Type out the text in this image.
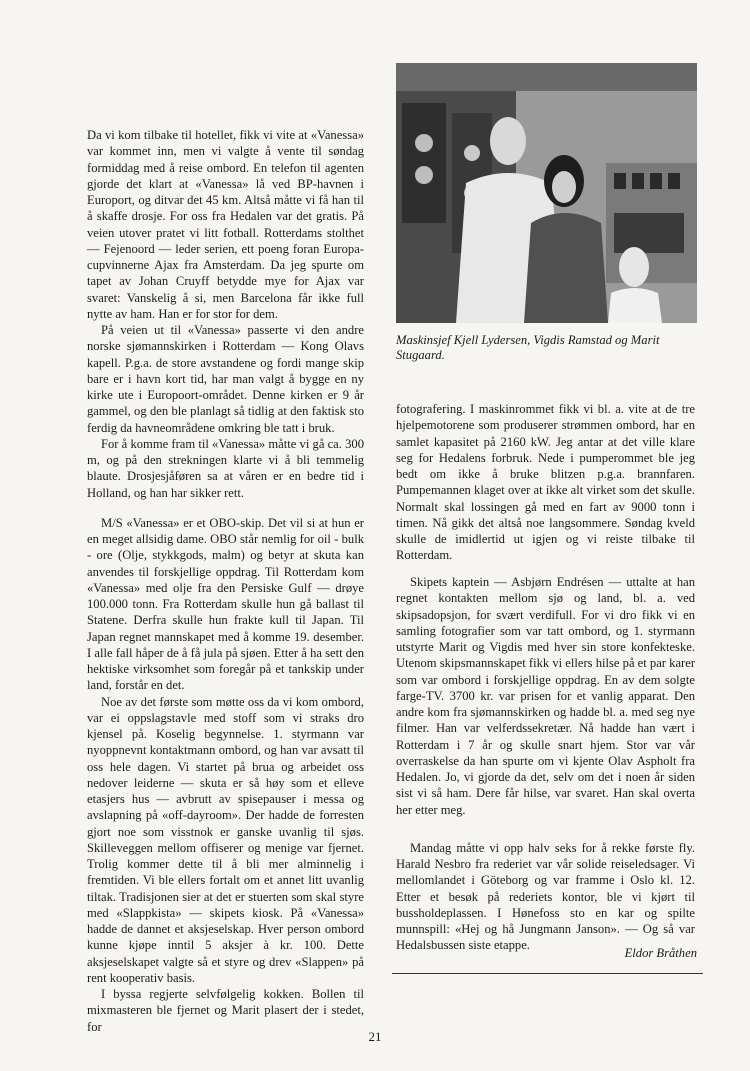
Da vi kom tilbake til hotellet, fikk vi vite at «Vanessa» var kommet inn, men vi valgte å vente til søndag formiddag med å reise ombord. En telefon til agenten gjorde det klart at «Vanessa» lå ved BP-havnen i Europort, og ditvar det 45 km. Altså måtte vi få han til å skaffe drosje. For oss fra Hedalen var det gratis. På veien utover pratet vi litt fotball. Rotterdams stolthet — Fejenoord — leder serien, ett poeng foran Europa-cupvinnerne Ajax fra Amsterdam. Da jeg spurte om tapet av Johan Cruyff betydde mye for Ajax var svaret: Vanskelig å si, men Barcelona får ikke full nytte av ham. Han er for stor for dem.

På veien ut til «Vanessa» passerte vi den andre norske sjømannskirken i Rotterdam — Kong Olavs kapell. P.g.a. de store avstandene og fordi mange skip bare er i havn kort tid, har man valgt å bygge en ny kirke ute i Europoort-området. Denne kirken er 9 år gammel, og den ble planlagt så tidlig at den faktisk sto ferdig da havneområdene omkring ble tatt i bruk.

For å komme fram til «Vanessa» måtte vi gå ca. 300 m, og på den strekningen klarte vi å bli temmelig blaute. Drosjesjåføren sa at våren er en bedre tid i Holland, og han har sikker rett.

M/S «Vanessa» er et OBO-skip. Det vil si at hun er en meget allsidig dame. OBO står nemlig for oil - bulk - ore (Olje, stykkgods, malm) og betyr at skuta kan anvendes til forskjellige oppdrag. Til Rotterdam kom «Vanessa» med olje fra den Persiske Gulf — drøye 100.000 tonn. Fra Rotterdam skulle hun gå ballast til Statene. Derfra skulle hun frakte kull til Japan. Til Japan regnet mannskapet med å komme 19. desember. I alle fall håper de å få jula på sjøen. Etter å ha sett den hektiske virksomhet som foregår på et tankskip under land, forstår en det.

Noe av det første som møtte oss da vi kom ombord, var ei oppslagstavle med stoff som vi straks dro kjensel på. Koselig begynnelse. 1. styrmann var nyoppnevnt kontaktmann ombord, og han var avsatt til oss hele dagen. Vi startet på brua og arbeidet oss nedover leiderne — skuta er så høy som et elleve etasjers hus — avbrutt av spisepauser i messa og avslapning på «off-dayroom». Der hadde de forresten gjort noe som visstnok er ganske uvanlig til sjøs. Skilleveggen mellom offiserer og menige var fjernet. Trolig kommer dette til å bli mer alminnelig i fremtiden. Vi ble ellers fortalt om et annet litt uvanlig tiltak. Tradisjonen sier at det er stuerten som skal styre med «Slappkista» — skipets kiosk. På «Vanessa» hadde de dannet et aksjeselskap. Hver person ombord kunne kjøpe inntil 5 aksjer à kr. 100. Dette aksjeselskapet valgte så et styre og drev «Slappen» på rent kooperativ basis.

I byssa regjerte selvfølgelig kokken. Bollen til mixmasteren ble fjernet og Marit plasert der i stedet, for

Maskinsjef Kjell Lydersen, Vigdis Ramstad og Marit Stugaard.

fotografering. I maskinrommet fikk vi bl. a. vite at de tre hjelpemotorene som produserer strømmen ombord, har en samlet kapasitet på 2160 kW. Jeg antar at det ville klare seg for Hedalens forbruk. Nede i pumperommet ble jeg bedt om ikke å bruke blitzen p.g.a. brannfaren. Pumpemannen klaget over at ikke alt virket som det skulle. Normalt skal lossingen gå med en fart av 9000 tonn i timen. Nå gikk det altså noe langsommere. Søndag kveld skulle de imidlertid ut igjen og vi reiste tilbake til Rotterdam.

Skipets kaptein — Asbjørn Endrésen — uttalte at han regnet kontakten mellom sjø og land, bl. a. ved skipsadopsjon, for svært verdifull. For vi dro fikk vi en samling fotografier som var tatt ombord, og 1. styrmann utstyrte Marit og Vigdis med hver sin store konfekteske. Utenom skipsmannskapet fikk vi ellers hilse på et par karer som var ombord i forskjellige oppdrag. En av dem solgte farge-TV. 3700 kr. var prisen for et vanlig apparat. Den andre kom fra sjømannskirken og hadde bl. a. med seg nye filmer. Han var velferdssekretær. Nå hadde han vært i Rotterdam i 7 år og skulle snart hjem. Stor var vår overraskelse da han spurte om vi kjente Olav Aspholt fra Hedalen. Jo, vi gjorde da det, selv om det i noen år siden sist vi så ham. Dere får hilse, var svaret. Han skal overta her etter meg.

Mandag måtte vi opp halv seks for å rekke første fly. Harald Nesbro fra rederiet var vår solide reiseledsager. Vi mellomlandet i Göteborg og var framme i Oslo kl. 12. Etter et besøk på rederiets kontor, ble vi kjørt til bussholdeplassen. I Hønefoss sto en kar og spilte munnspill: «Hej og hå Jungmann Janson». — Og så var Hedalsbussen siste etappe.

Eldor Bråthen
21
